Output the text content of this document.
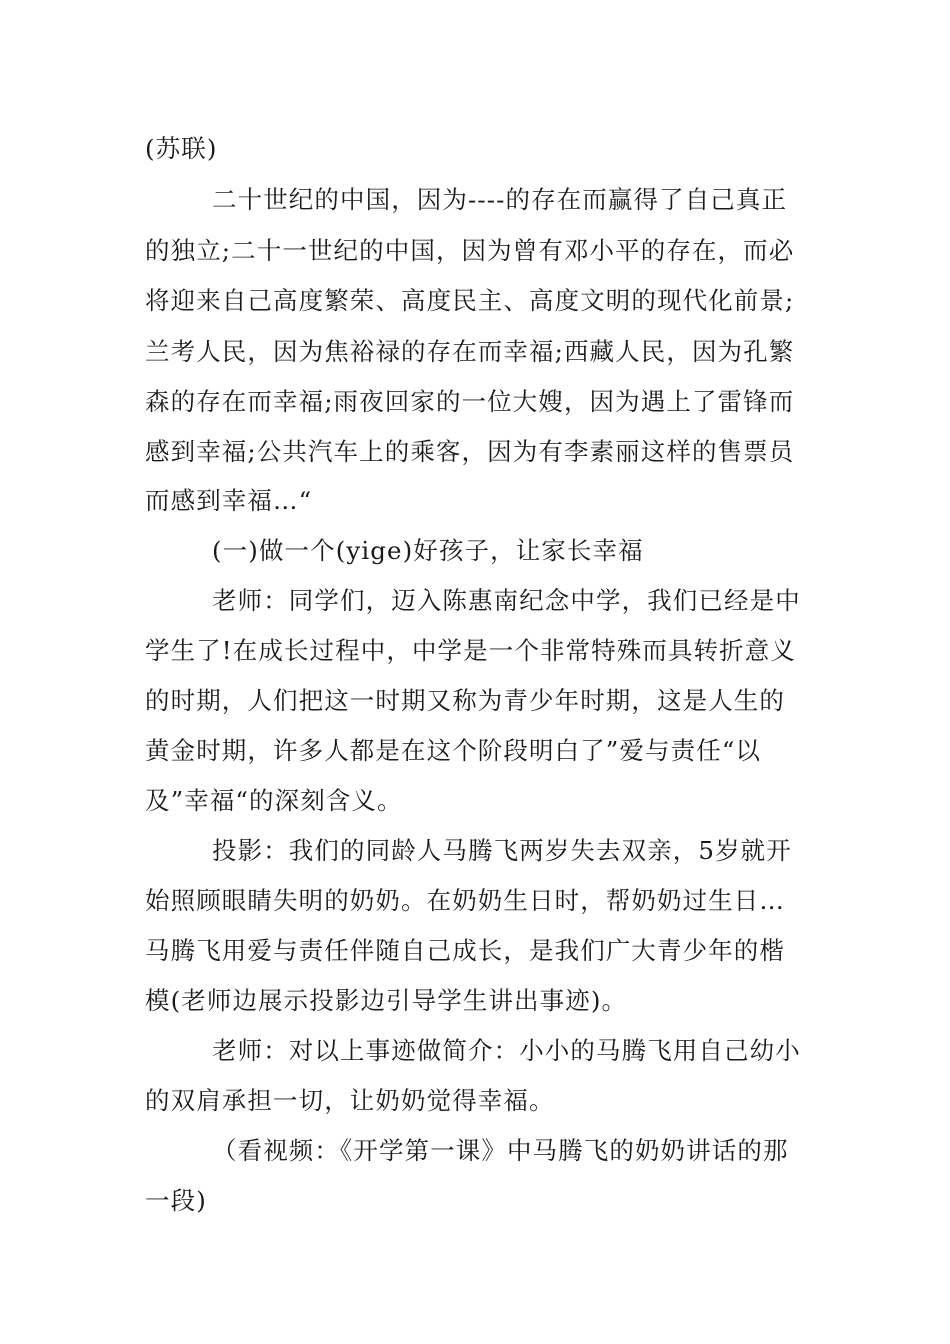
(苏联)
二十世纪的中国，因为----的存在而赢得了自己真正
的独立;二十一世纪的中国，因为曾有邓小平的存在，而必
将迎来自己高度繁荣、高度民主、高度文明的现代化前景;
兰考人民，因为焦裕禄的存在而幸福;西藏人民，因为孔繁
森的存在而幸福;雨夜回家的一位大嫂，因为遇上了雷锋而
感到幸福;公共汽车上的乘客，因为有李素丽这样的售票员
而感到幸福…“
(一)做一个(yige)好孩子，让家长幸福
老师：同学们，迈入陈惠南纪念中学，我们已经是中
学生了!在成长过程中，中学是一个非常特殊而具转折意义
的时期，人们把这一时期又称为青少年时期，这是人生的
黄金时期，许多人都是在这个阶段明白了”爱与责任“以
及”幸福“的深刻含义。
投影：我们的同龄人马腾飞两岁失去双亲，5岁就开
始照顾眼睛失明的奶奶。在奶奶生日时，帮奶奶过生日…
马腾飞用爱与责任伴随自己成长，是我们广大青少年的楷
模(老师边展示投影边引导学生讲出事迹)。
老师：对以上事迹做简介：小小的马腾飞用自己幼小
的双肩承担一切，让奶奶觉得幸福。
（看视频：《开学第一课》中马腾飞的奶奶讲话的那
一段)
